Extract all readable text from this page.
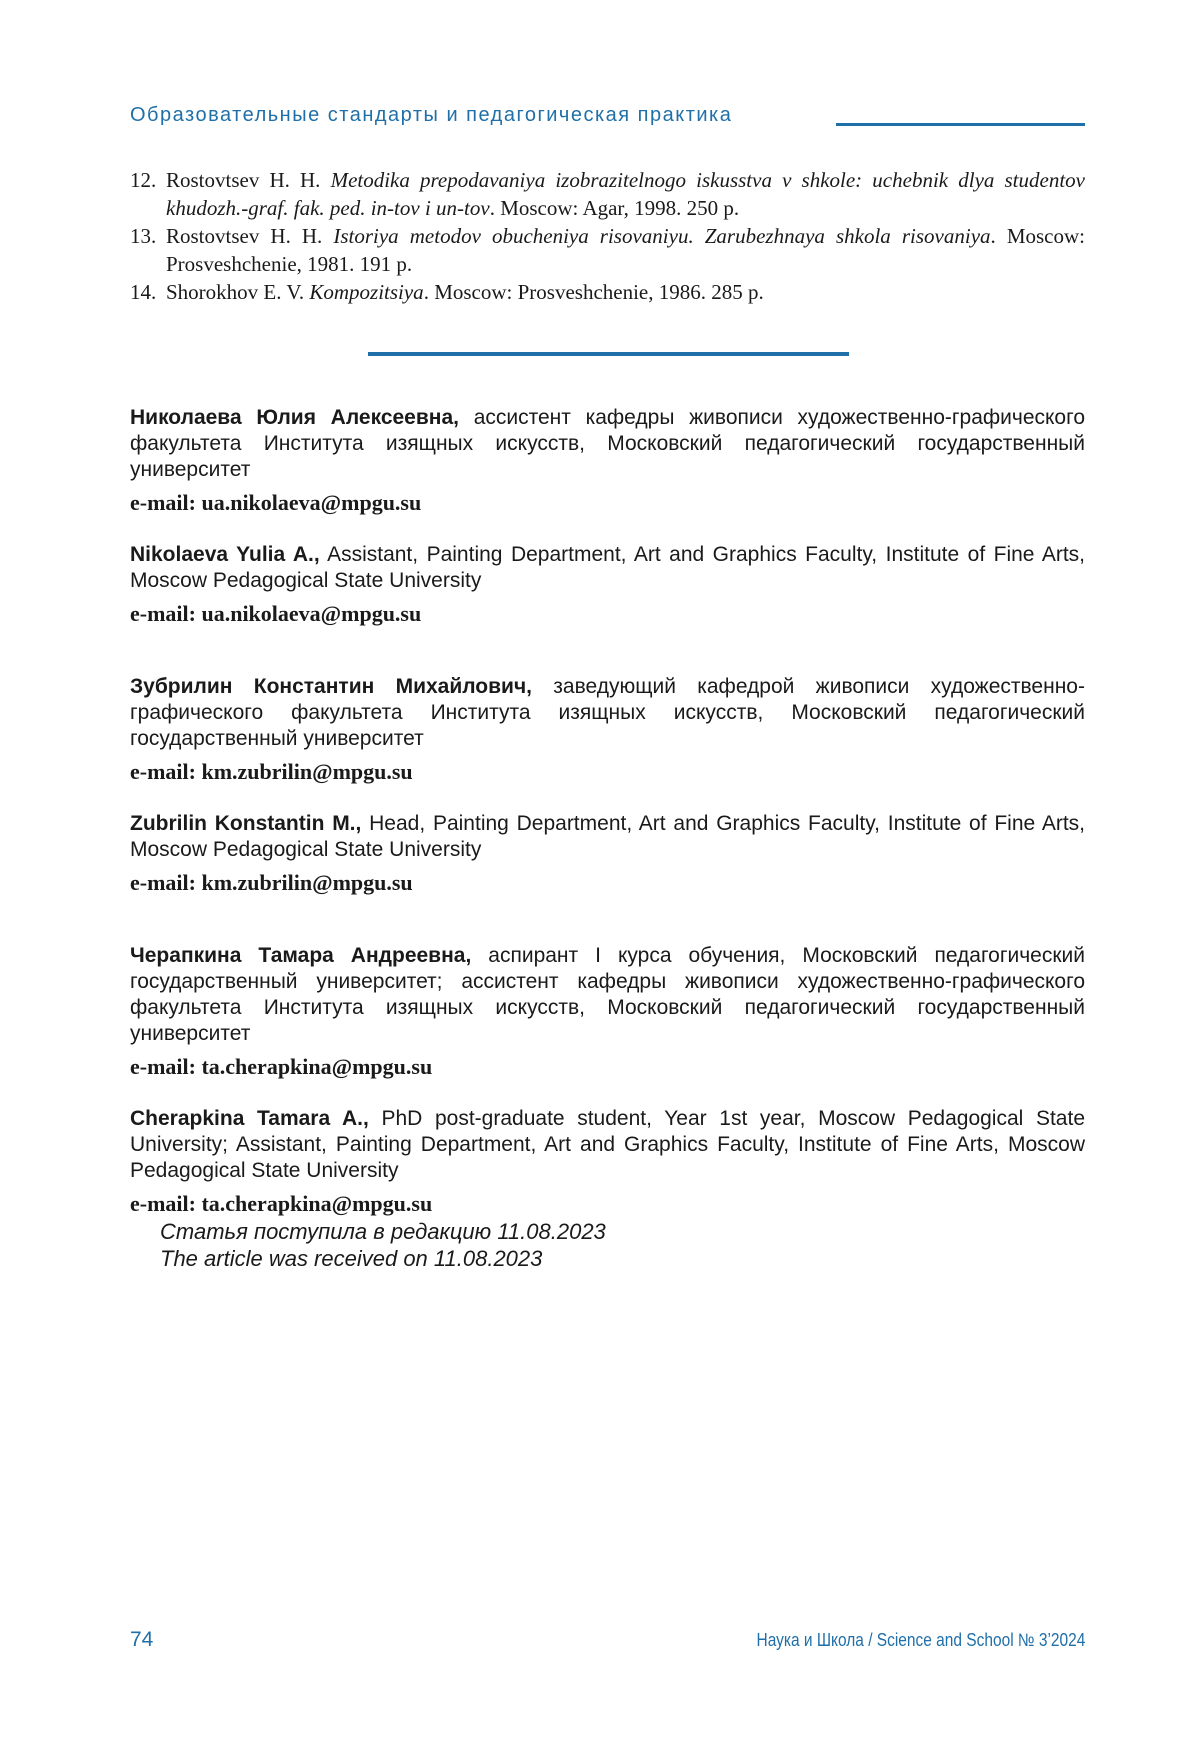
Образовательные стандарты и педагогическая практика
12. Rostovtsev H. H. Metodika prepodavaniya izobrazitelnogo iskusstva v shkole: uchebnik dlya studentov khudozh.-graf. fak. ped. in-tov i un-tov. Moscow: Agar, 1998. 250 p.
13. Rostovtsev H. H. Istoriya metodov obucheniya risovaniyu. Zarubezhnaya shkola risovaniya. Moscow: Prosveshchenie, 1981. 191 p.
14. Shorokhov E. V. Kompozitsiya. Moscow: Prosveshchenie, 1986. 285 p.

Николаева Юлия Алексеевна, ассистент кафедры живописи художественно-графического факультета Института изящных искусств, Московский педагогический государственный университет

e-mail: ua.nikolaeva@mpgu.su

Nikolaeva Yulia A., Assistant, Painting Department, Art and Graphics Faculty, Institute of Fine Arts, Moscow Pedagogical State University

e-mail: ua.nikolaeva@mpgu.su

Зубрилин Константин Михайлович, заведующий кафедрой живописи художественно-графического факультета Института изящных искусств, Московский педагогический государственный университет

e-mail: km.zubrilin@mpgu.su

Zubrilin Konstantin M., Head, Painting Department, Art and Graphics Faculty, Institute of Fine Arts, Moscow Pedagogical State University

e-mail: km.zubrilin@mpgu.su

Черапкина Тамара Андреевна, аспирант I курса обучения, Московский педагогический государственный университет; ассистент кафедры живописи художественно-графического факультета Института изящных искусств, Московский педагогический государственный университет

e-mail: ta.cherapkina@mpgu.su

Cherapkina Tamara A., PhD post-graduate student, Year 1st year, Moscow Pedagogical State University; Assistant, Painting Department, Art and Graphics Faculty, Institute of Fine Arts, Moscow Pedagogical State University

e-mail: ta.cherapkina@mpgu.su

Статья поступила в редакцию 11.08.2023
The article was received on 11.08.2023
74	Наука и Школа / Science and School № 3’2024
